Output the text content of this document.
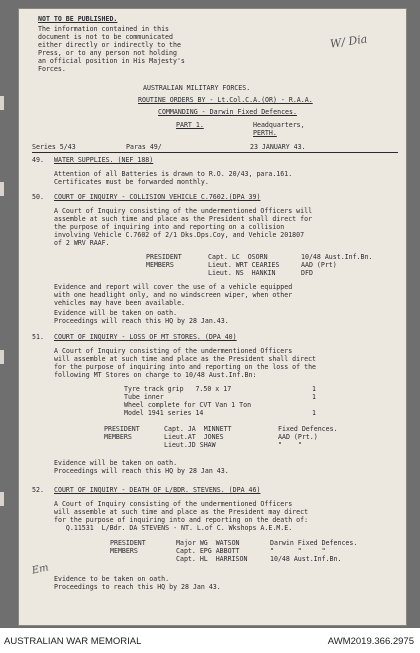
NOT TO BE PUBLISHED.
The information contained in this
document is not to be communicated
either directly or indirectly to the
Press, or to any person not holding
an official position in His Majesty's
Forces.
W/ Dia
AUSTRALIAN MILITARY FORCES.
ROUTINE ORDERS BY - Lt.Col.C.A.(OR) - R.A.A.
COMMANDING - Darwin Fixed Defences.
PART 1.	Headquarters,
PERTH.
Series 5/43	Paras 49/	23 JANUARY 43.
49. WATER SUPPLIES. (NEF 188)
Attention of all Batteries is drawn to R.O. 20/43, para.161.
Certificates must be forwarded monthly.
50. COURT OF INQUIRY - COLLISION VEHICLE C.7602.(DPA 39)
A Court of Inquiry consisting of the undermentioned Officers will
assemble at such time and place as the President shall direct for
the purpose of inquiring into and reporting on a collision
involving Vehicle C.7602 of 2/1 Dks.Dps.Coy, and Vehicle 201807
of 2 WRV RAAF.
PRESIDENT
MEMBERS
Capt. LC  OSORN	10/48 Aust.Inf.Bn.
Lieut. WRT CEARIES	AAD (Prt)
Lieut. NS  HANKIN	DFD
Evidence and report will cover the use of a vehicle equipped
with one headlight only, and no windscreen wiper, when other
vehicles may have been available.
Evidence will be taken on oath.
Proceedings will reach this HQ by 28 Jan.43.
51. COURT OF INQUIRY - LOSS OF MT STORES. (DPA 40)
A Court of Inquiry consisting of the undermentioned Officers
will assemble at such time and place as the President shall direct
for the purpose of inquiring into and reporting on the loss of the
following MT Stores on charge to 10/48 Aust.Inf.Bn:
Tyre track grip   7.50 x 17	1
Tube inner	1
Wheel complete for CVT Van 1 Ton
Model 1941 series 14	1
PRESIDENT
MEMBERS
Capt. JA  MINNETT	Fixed Defences.
Lieut.AT  JONES	AAD (Prt.)
Lieut.JD SHAW	"    "
Evidence will be taken on oath.
Proceedings will reach this HQ by 28 Jan 43.
52. COURT OF INQUIRY - DEATH OF L/BDR. STEVENS. (DPA 46)
A Court of Inquiry consisting of the undermentioned Officers
will assemble at such time and place as the President may direct
for the purpose of inquiring into and reporting on the death of:
Q.11531  L/Bdr. DA STEVENS - NT. L.of C. Wkshops A.E.M.E.
PRESIDENT
MEMBERS
Major WG  WATSON	Darwin Fixed Defences.
Capt. EPG ABBOTT	"      "     "
Capt. HL  HARRISON	10/48 Aust.Inf.Bn.
Em
Evidence to be taken on oath.
Proceedings to reach this HQ by 28 Jan 43.
AUSTRALIAN WAR MEMORIAL	AWM2019.366.2975
